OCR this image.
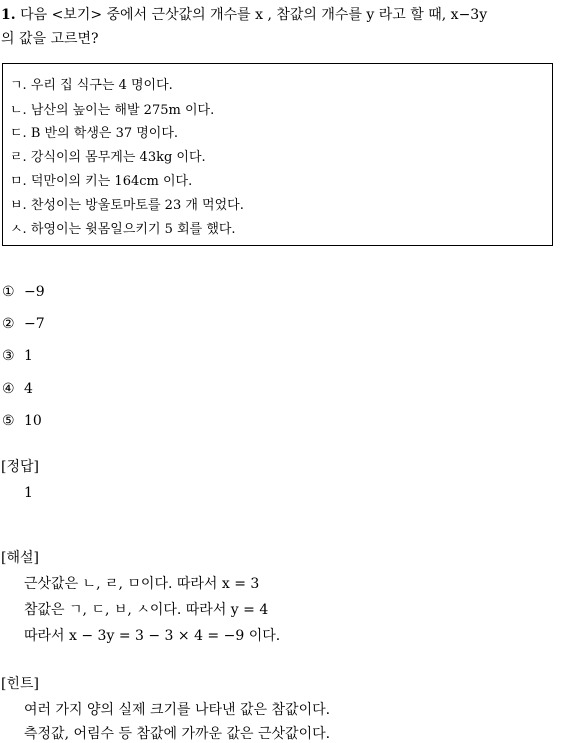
1. 다음 <보기> 중에서 근삿값의 개수를 x , 참값의 개수를 y 라고 할 때, x−3y
의 값을 고르면?
ㄱ. 우리 집 식구는 4 명이다.
ㄴ. 남산의 높이는 해발 275m 이다.
ㄷ. B 반의 학생은 37 명이다.
ㄹ. 강식이의 몸무게는 43kg 이다.
ㅁ. 덕만이의 키는 164cm 이다.
ㅂ. 찬성이는 방울토마토를 23 개 먹었다.
ㅅ. 하영이는 윗몸일으키기 5 회를 했다.
① −9
② −7
③ 1
④ 4
⑤ 10
[정답]
1
[해설]
근삿값은 ㄴ, ㄹ, ㅁ이다. 따라서 x = 3
참값은 ㄱ, ㄷ, ㅂ, ㅅ이다. 따라서 y = 4
따라서 x − 3y = 3 − 3 × 4 = −9 이다.
[힌트]
여러 가지 양의 실제 크기를 나타낸 값은 참값이다.
측정값, 어림수 등 참값에 가까운 값은 근삿값이다.
